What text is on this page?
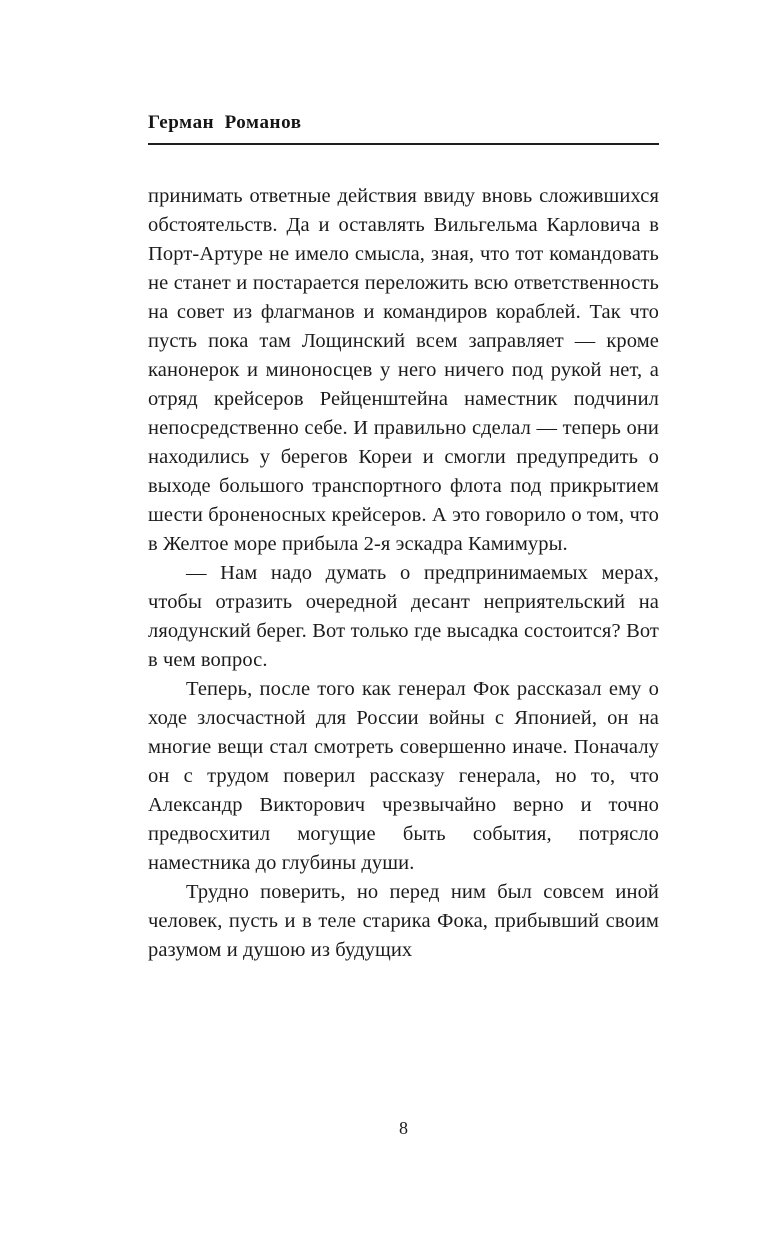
Герман Романов

принимать ответные действия ввиду вновь сложившихся обстоятельств. Да и оставлять Вильгельма Карловича в Порт-Артуре не имело смысла, зная, что тот командовать не станет и постарается переложить всю ответственность на совет из флагманов и командиров кораблей. Так что пусть пока там Лощинский всем заправляет — кроме канонерок и миноносцев у него ничего под рукой нет, а отряд крейсеров Рейценштейна наместник подчинил непосредственно себе. И правильно сделал — теперь они находились у берегов Кореи и смогли предупредить о выходе большого транспортного флота под прикрытием шести броненосных крейсеров. А это говорило о том, что в Желтое море прибыла 2-я эскадра Камимуры.

— Нам надо думать о предпринимаемых мерах, чтобы отразить очередной десант неприятельский на ляодунский берег. Вот только где высадка состоится? Вот в чем вопрос.

Теперь, после того как генерал Фок рассказал ему о ходе злосчастной для России войны с Японией, он на многие вещи стал смотреть совершенно иначе. Поначалу он с трудом поверил рассказу генерала, но то, что Александр Викторович чрезвычайно верно и точно предвосхитил могущие быть события, потрясло наместника до глубины души.

Трудно поверить, но перед ним был совсем иной человек, пусть и в теле старика Фока, прибывший своим разумом и душою из будущих

8
